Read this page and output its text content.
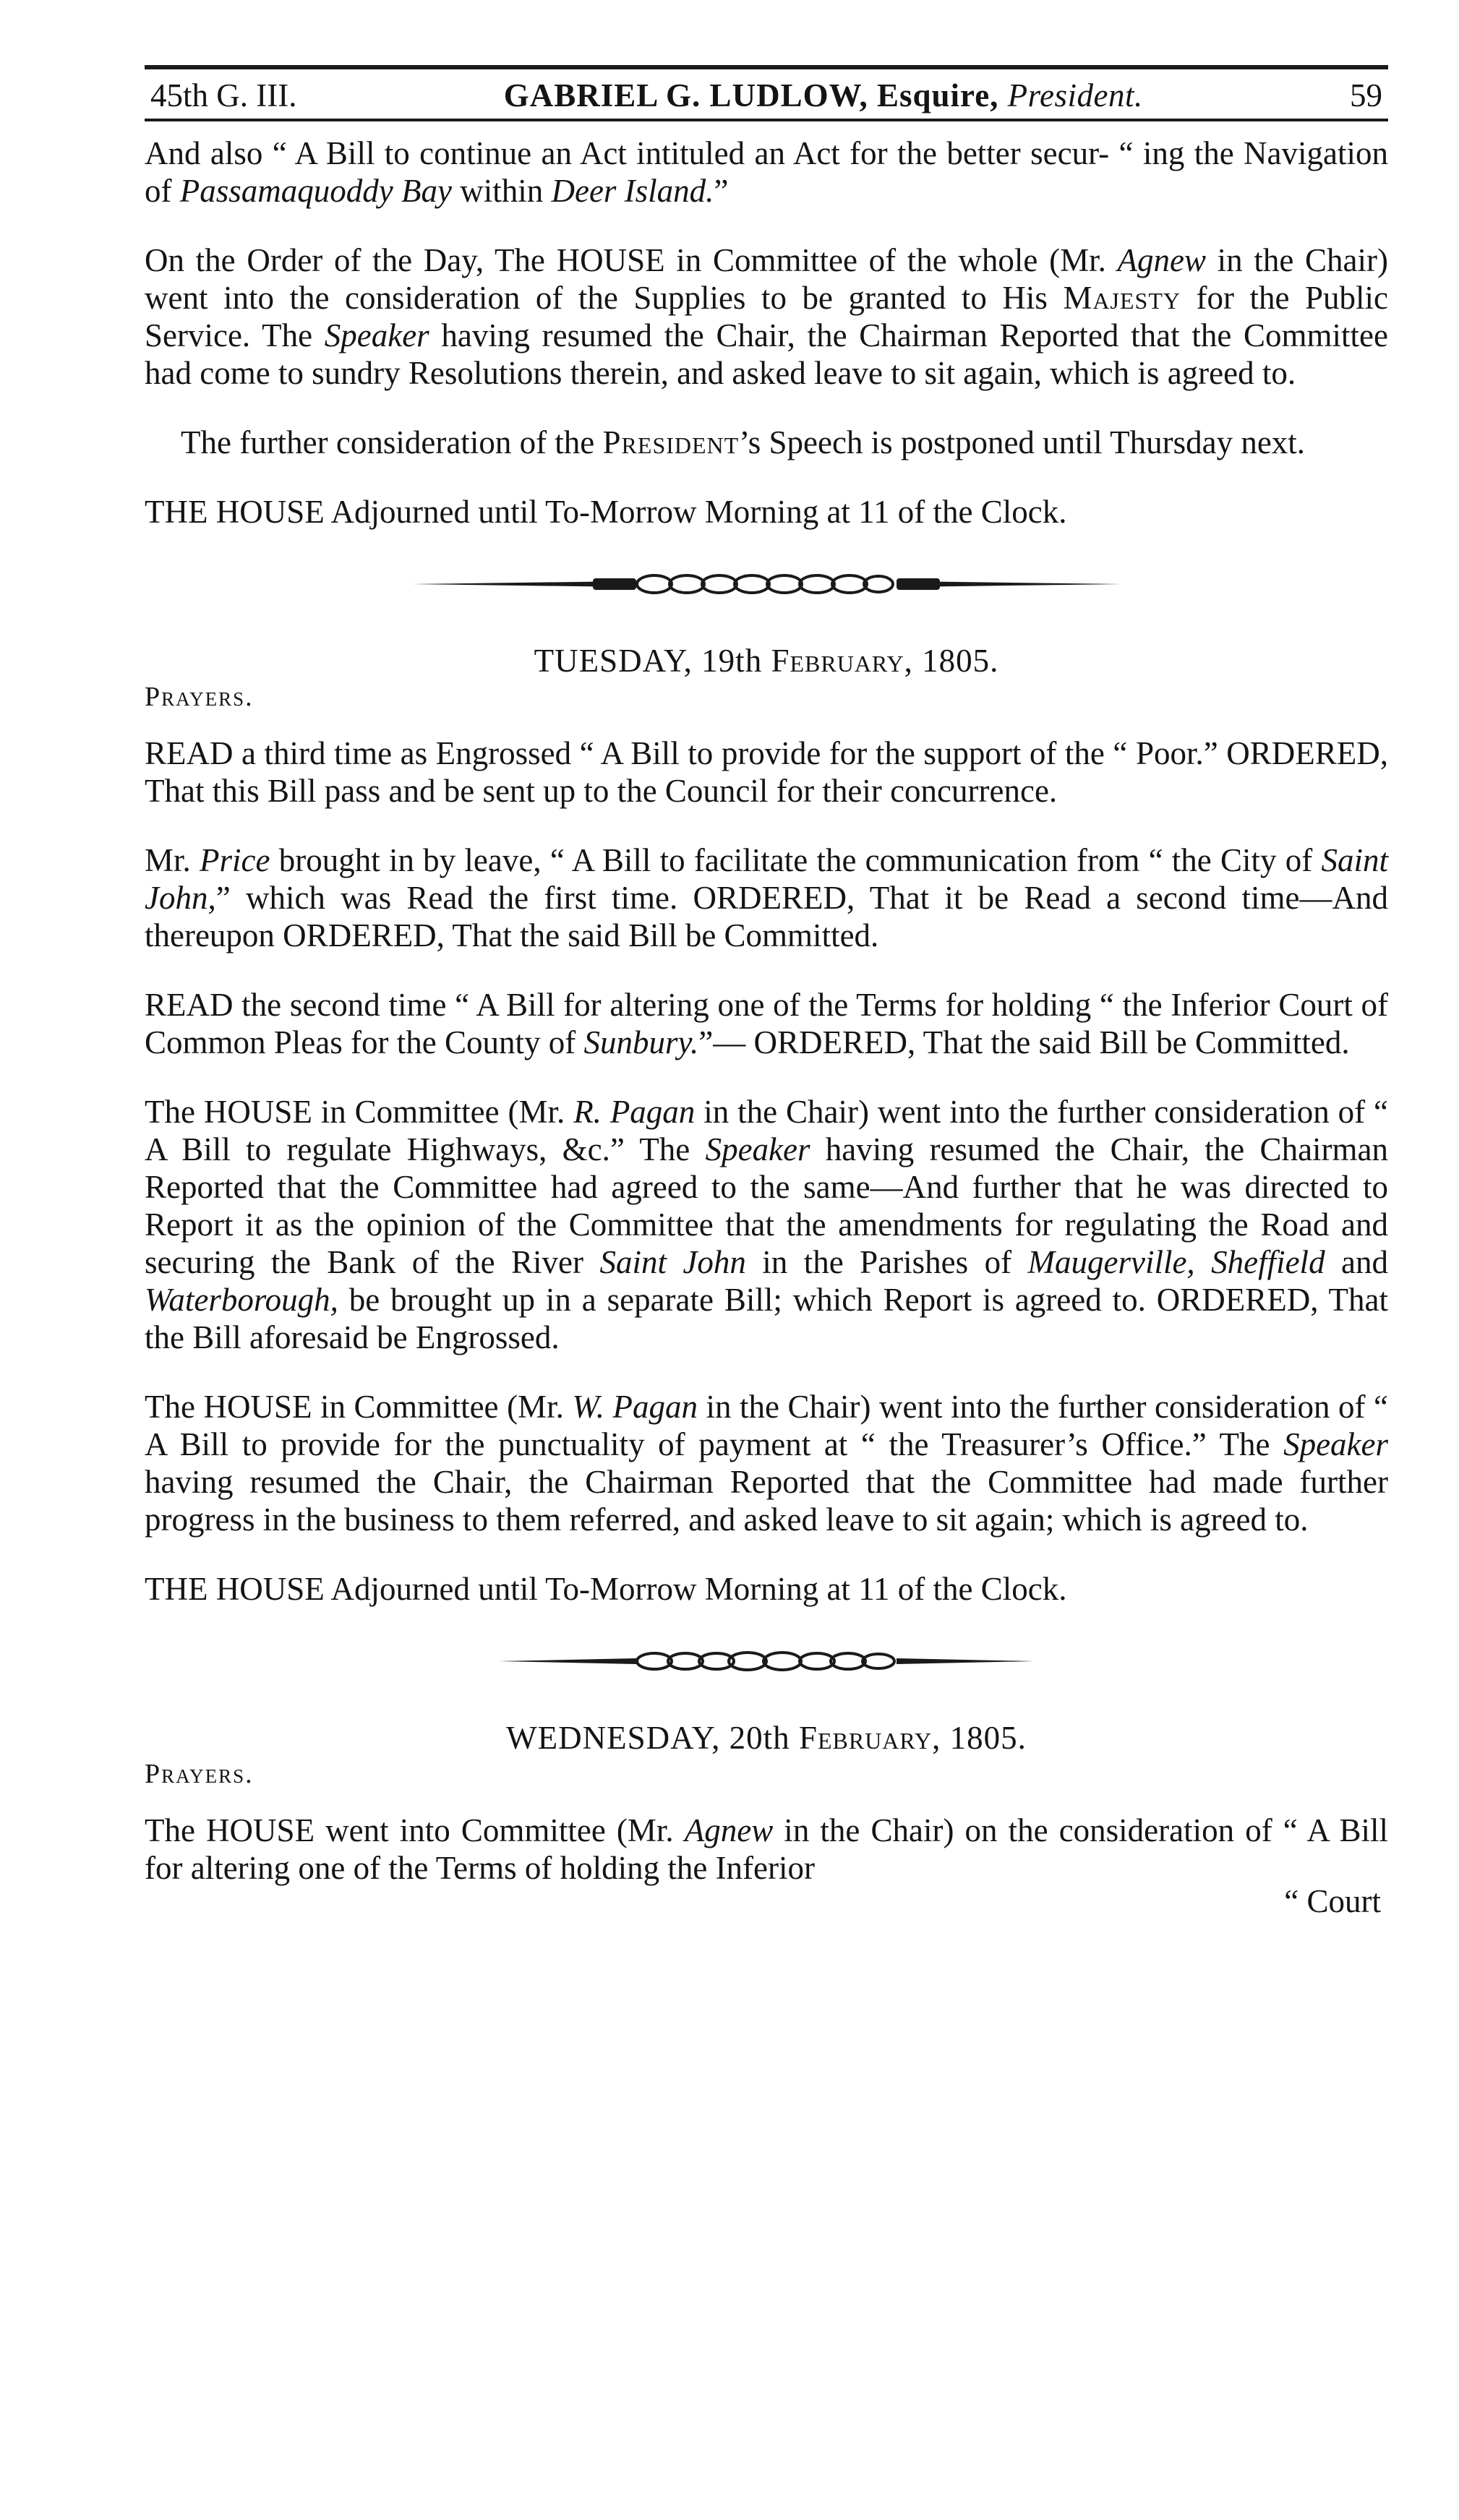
45th G. III.	GABRIEL G. LUDLOW, Esquire, President.	59

And also “ A Bill to continue an Act intituled an Act for the better secur- “ ing the Navigation of Passamaquoddy Bay within Deer Island.”

On the Order of the Day, The HOUSE in Committee of the whole (Mr. Agnew in the Chair) went into the consideration of the Supplies to be granted to His Majesty for the Public Service. The Speaker having resumed the Chair, the Chairman Reported that the Committee had come to sundry Resolutions therein, and asked leave to sit again, which is agreed to.

The further consideration of the President’s Speech is postponed until Thursday next.

THE HOUSE Adjourned until To-Morrow Morning at 11 of the Clock.

TUESDAY, 19th February, 1805.
Prayers.

READ a third time as Engrossed “ A Bill to provide for the support of the “ Poor.” ORDERED, That this Bill pass and be sent up to the Council for their concurrence.

Mr. Price brought in by leave, “ A Bill to facilitate the communication from “ the City of Saint John,” which was Read the first time. ORDERED, That it be Read a second time—And thereupon ORDERED, That the said Bill be Committed.

READ the second time “ A Bill for altering one of the Terms for holding “ the Inferior Court of Common Pleas for the County of Sunbury.”— ORDERED, That the said Bill be Committed.

The HOUSE in Committee (Mr. R. Pagan in the Chair) went into the further consideration of “ A Bill to regulate Highways, &c.” The Speaker having resumed the Chair, the Chairman Reported that the Committee had agreed to the same—And further that he was directed to Report it as the opinion of the Committee that the amendments for regulating the Road and securing the Bank of the River Saint John in the Parishes of Maugerville, Sheffield and Waterborough, be brought up in a separate Bill; which Report is agreed to. ORDERED, That the Bill aforesaid be Engrossed.

The HOUSE in Committee (Mr. W. Pagan in the Chair) went into the further consideration of “ A Bill to provide for the punctuality of payment at “ the Treasurer’s Office.” The Speaker having resumed the Chair, the Chairman Reported that the Committee had made further progress in the business to them referred, and asked leave to sit again; which is agreed to.

THE HOUSE Adjourned until To-Morrow Morning at 11 of the Clock.

WEDNESDAY, 20th February, 1805.
Prayers.

The HOUSE went into Committee (Mr. Agnew in the Chair) on the consideration of “ A Bill for altering one of the Terms of holding the Inferior

“ Court
